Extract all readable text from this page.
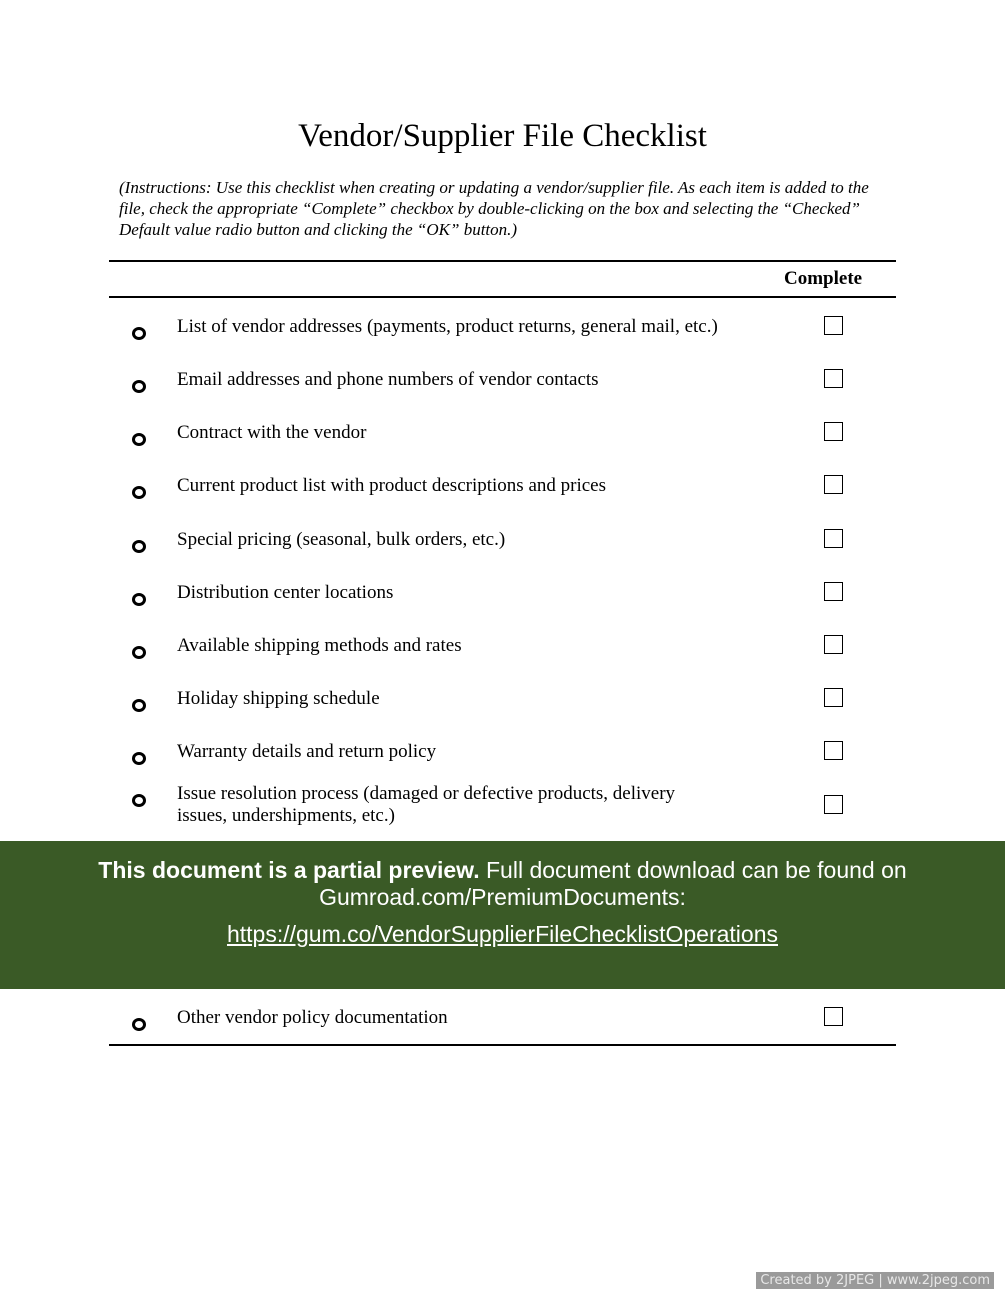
Vendor/Supplier File Checklist

(Instructions: Use this checklist when creating or updating a vendor/supplier file. As each item is added to the file, check the appropriate “Complete” checkbox by double-clicking on the box and selecting the “Checked” Default value radio button and clicking the “OK” button.)

Complete
List of vendor addresses (payments, product returns, general mail, etc.)
Email addresses and phone numbers of vendor contacts
Contract with the vendor
Current product list with product descriptions and prices
Special pricing (seasonal, bulk orders, etc.)
Distribution center locations
Available shipping methods and rates
Holiday shipping schedule
Warranty details and return policy
Issue resolution process (damaged or defective products, delivery issues, undershipments, etc.)
This document is a partial preview. Full document download can be found on Gumroad.com/PremiumDocuments:
https://gum.co/VendorSupplierFileChecklistOperations
Other vendor policy documentation
Created by 2JPEG | www.2jpeg.com
